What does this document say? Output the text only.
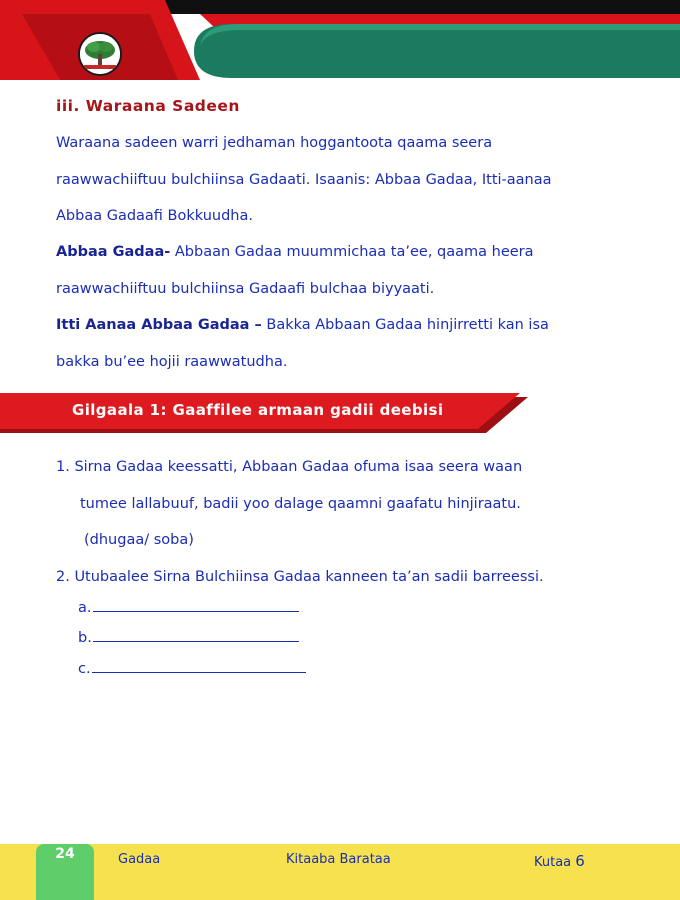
iii. Waraana Sadeen
Waraana sadeen warri jedhaman hoggantoota qaama seera
raawwachiiftuu bulchiinsa Gadaati. Isaanis: Abbaa Gadaa, Itti-aanaa
Abbaa Gadaafi Bokkuudha.
Abbaa Gadaa- Abbaan Gadaa muummichaa ta’ee, qaama heera
raawwachiiftuu bulchiinsa Gadaafi bulchaa biyyaati.
Itti Aanaa Abbaa Gadaa – Bakka Abbaan Gadaa hinjirretti kan isa
bakka bu’ee hojii raawwatudha.
Gilgaala 1: Gaaffilee armaan gadii deebisi
1. Sirna Gadaa keessatti, Abbaan Gadaa ofuma isaa seera waan
tumee lallabuuf, badii yoo dalage qaamni gaafatu hinjiraatu.
(dhugaa/ soba)
2. Utubaalee Sirna Bulchiinsa Gadaa kanneen ta’an sadii barreessi.
a.
b.
c.
24	Gadaa	Kitaaba Barataa	Kutaa 6
